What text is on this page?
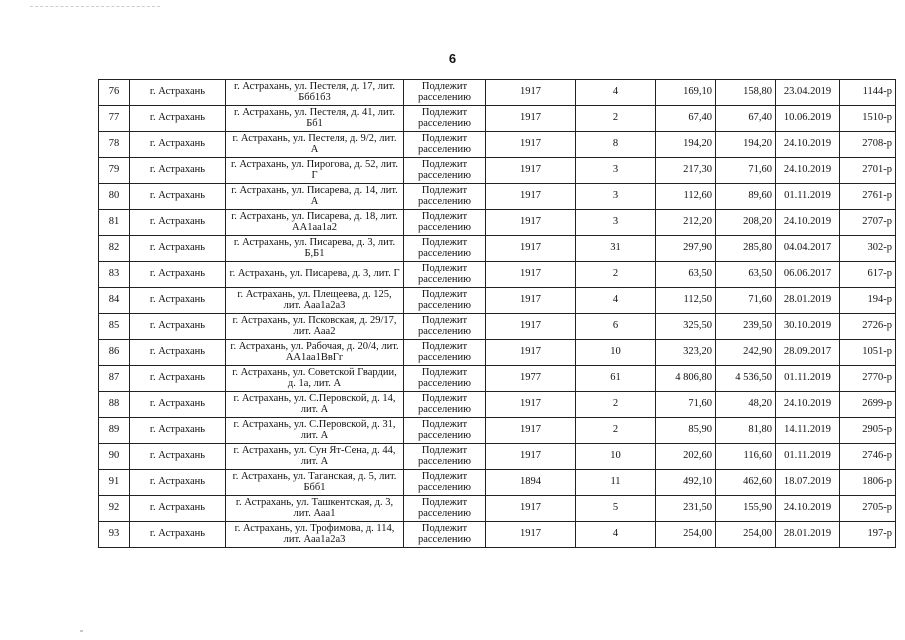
6
76	г. Астрахань	г. Астрахань, ул. Пестеля, д. 17, лит. Ббб1б3	Подлежит расселению	1917	4	169,10	158,80	23.04.2019	1144-р
77	г. Астрахань	г. Астрахань, ул. Пестеля, д. 41, лит. Бб1	Подлежит расселению	1917	2	67,40	67,40	10.06.2019	1510-р
78	г. Астрахань	г. Астрахань, ул. Пестеля, д. 9/2, лит. А	Подлежит расселению	1917	8	194,20	194,20	24.10.2019	2708-р
79	г. Астрахань	г. Астрахань, ул. Пирогова, д. 52, лит. Г	Подлежит расселению	1917	3	217,30	71,60	24.10.2019	2701-р
80	г. Астрахань	г. Астрахань, ул. Писарева, д. 14, лит. А	Подлежит расселению	1917	3	112,60	89,60	01.11.2019	2761-р
81	г. Астрахань	г. Астрахань, ул. Писарева, д. 18, лит. АА1аа1а2	Подлежит расселению	1917	3	212,20	208,20	24.10.2019	2707-р
82	г. Астрахань	г. Астрахань, ул. Писарева, д. 3, лит. Б,Б1	Подлежит расселению	1917	31	297,90	285,80	04.04.2017	302-р
83	г. Астрахань	г. Астрахань, ул. Писарева, д. 3, лит. Г	Подлежит расселению	1917	2	63,50	63,50	06.06.2017	617-р
84	г. Астрахань	г. Астрахань, ул. Плещеева, д. 125, лит. Ааа1а2а3	Подлежит расселению	1917	4	112,50	71,60	28.01.2019	194-р
85	г. Астрахань	г. Астрахань, ул. Псковская, д. 29/17, лит. Ааа2	Подлежит расселению	1917	6	325,50	239,50	30.10.2019	2726-р
86	г. Астрахань	г. Астрахань, ул. Рабочая, д. 20/4, лит. АА1аа1ВвГг	Подлежит расселению	1917	10	323,20	242,90	28.09.2017	1051-р
87	г. Астрахань	г. Астрахань, ул. Советской Гвардии, д. 1а, лит. А	Подлежит расселению	1977	61	4 806,80	4 536,50	01.11.2019	2770-р
88	г. Астрахань	г. Астрахань, ул. С.Перовской, д. 14, лит. А	Подлежит расселению	1917	2	71,60	48,20	24.10.2019	2699-р
89	г. Астрахань	г. Астрахань, ул. С.Перовской, д. 31, лит. А	Подлежит расселению	1917	2	85,90	81,80	14.11.2019	2905-р
90	г. Астрахань	г. Астрахань, ул. Сун Ят-Сена, д. 44, лит. А	Подлежит расселению	1917	10	202,60	116,60	01.11.2019	2746-р
91	г. Астрахань	г. Астрахань, ул. Таганская, д. 5, лит. Ббб1	Подлежит расселению	1894	11	492,10	462,60	18.07.2019	1806-р
92	г. Астрахань	г. Астрахань, ул. Ташкентская, д. 3, лит. Ааа1	Подлежит расселению	1917	5	231,50	155,90	24.10.2019	2705-р
93	г. Астрахань	г. Астрахань, ул. Трофимова, д. 114, лит. Ааа1а2а3	Подлежит расселению	1917	4	254,00	254,00	28.01.2019	197-р
